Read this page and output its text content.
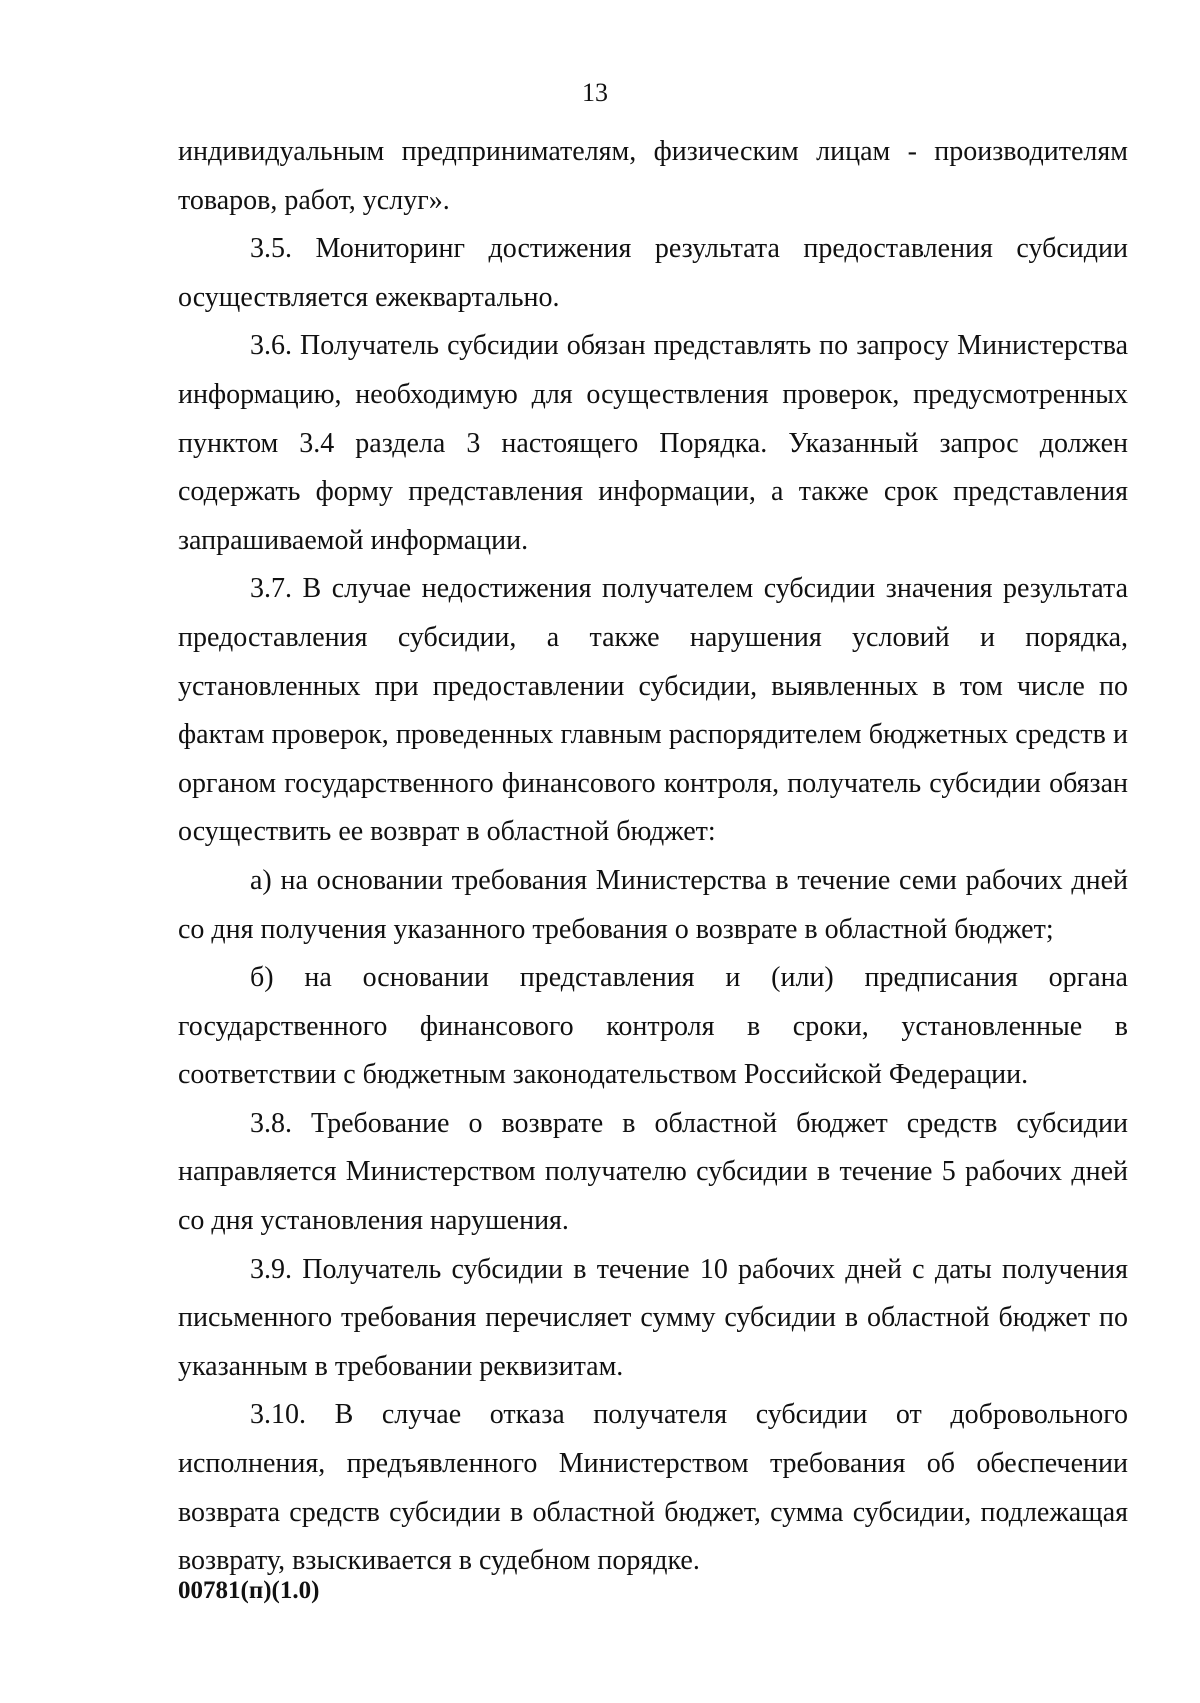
13

индивидуальным предпринимателям, физическим лицам - производителям товаров, работ, услуг».

3.5. Мониторинг достижения результата предоставления субсидии осуществляется ежеквартально.

3.6. Получатель субсидии обязан представлять по запросу Министерства информацию, необходимую для осуществления проверок, предусмотренных пунктом 3.4 раздела 3 настоящего Порядка. Указанный запрос должен содержать форму представления информации, а также срок представления запрашиваемой информации.

3.7. В случае недостижения получателем субсидии значения результата предоставления субсидии, а также нарушения условий и порядка, установленных при предоставлении субсидии, выявленных в том числе по фактам проверок, проведенных главным распорядителем бюджетных средств и органом государственного финансового контроля, получатель субсидии обязан осуществить ее возврат в областной бюджет:

а) на основании требования Министерства в течение семи рабочих дней со дня получения указанного требования о возврате в областной бюджет;

б) на основании представления и (или) предписания органа государственного финансового контроля в сроки, установленные в соответствии с бюджетным законодательством Российской Федерации.

3.8. Требование о возврате в областной бюджет средств субсидии направляется Министерством получателю субсидии в течение 5 рабочих дней со дня установления нарушения.

3.9. Получатель субсидии в течение 10 рабочих дней с даты получения письменного требования перечисляет сумму субсидии в областной бюджет по указанным в требовании реквизитам.

3.10. В случае отказа получателя субсидии от добровольного исполнения, предъявленного Министерством требования об обеспечении возврата средств субсидии в областной бюджет, сумма субсидии, подлежащая возврату, взыскивается в судебном порядке.

00781(п)(1.0)
